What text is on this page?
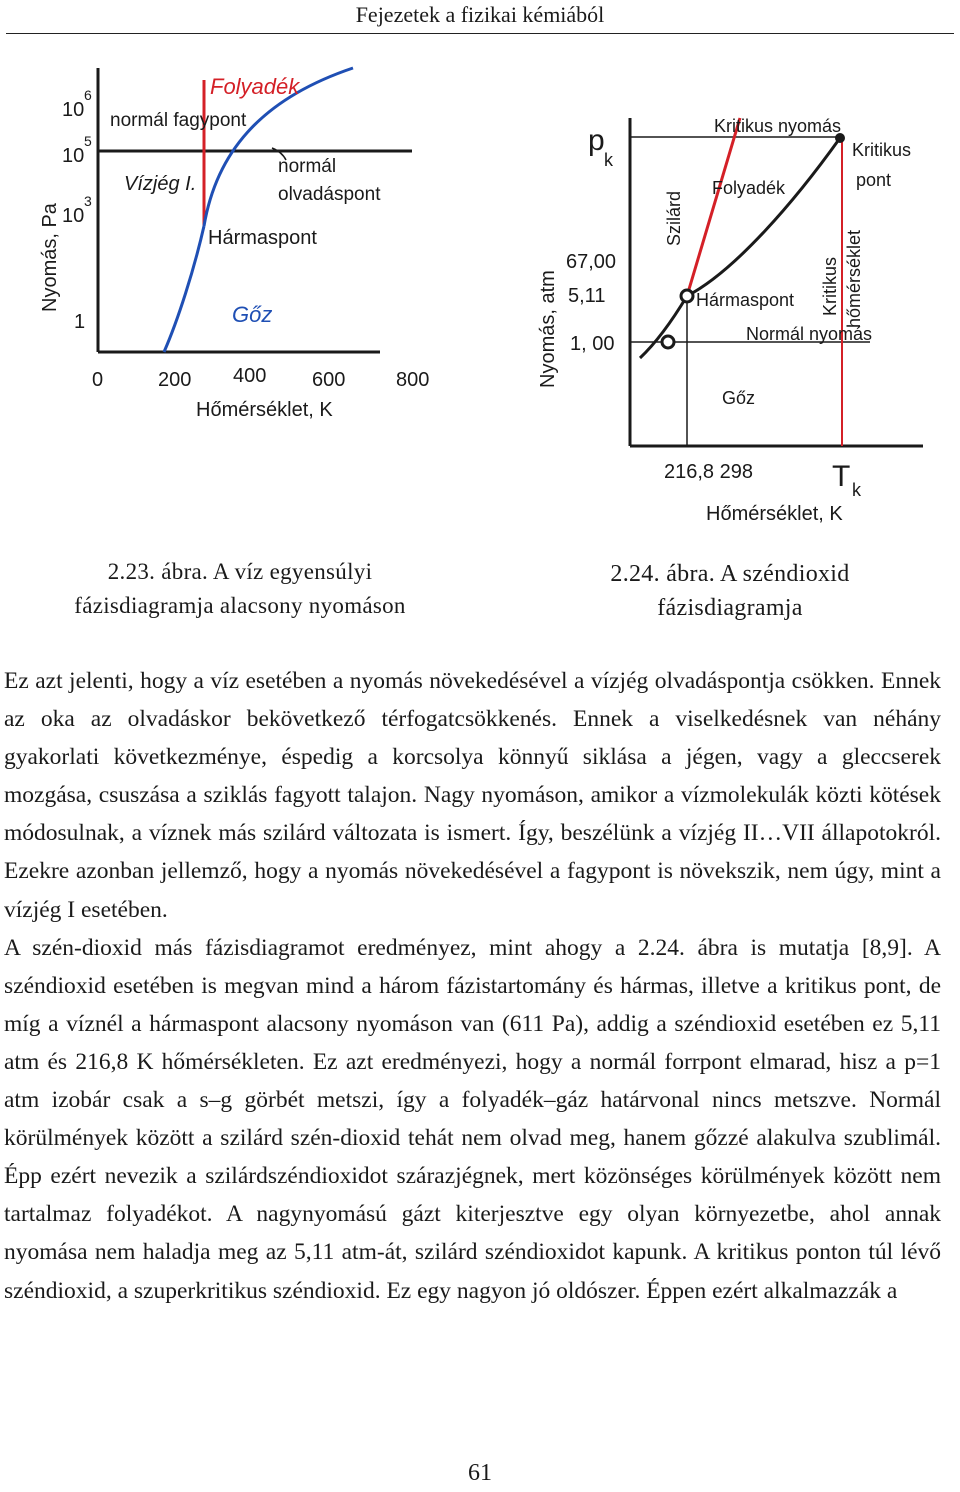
Fejezetek a fizikai kémiából
10
6
10
5
10
3
1
Nyomás, Pa
0	200 400 600	800
Hőmérséklet, K
Folyadék
normál fagypont
Vízjég I.
normál
olvadáspont
Hármaspont
Gőz
p
k
67,00
5,11
1, 00
Nyomás, atm
216,8 298	T k
Hőmérséklet, K
Kritikus nyomás
Kritikus
pont
Szilárd
Folyadék
Kritikus hőmérséklet
Hármaspont
Normál nyomás
Gőz
2.23. ábra. A víz egyensúlyi
fázisdiagramja alacsony nyomáson
2.24. ábra. A széndioxid
fázisdiagramja

Ez azt jelenti, hogy a víz esetében a nyomás növekedésével a vízjég olvadáspontja csökken. Ennek az oka az olvadáskor bekövetkező térfogatcsökkenés. Ennek a viselkedésnek van néhány gyakorlati következménye, éspedig a korcsolya könnyű siklása a jégen, vagy a gleccserek mozgása, csuszása a sziklás fagyott talajon. Nagy nyomáson, amikor a vízmolekulák közti kötések módosulnak, a víznek más szilárd változata is ismert. Így, beszélünk a vízjég II…VII állapotokról. Ezekre azonban jellemző, hogy a nyomás növekedésével a fagypont is növekszik, nem úgy, mint a vízjég I esetében.

A szén-dioxid más fázisdiagramot eredményez, mint ahogy a 2.24. ábra is mutatja [8,9]. A széndioxid esetében is megvan mind a három fázistartomány és hármas, illetve a kritikus pont, de míg a víznél a hármaspont alacsony nyomáson van (611 Pa), addig a széndioxid esetében ez 5,11 atm és 216,8 K hőmérsékleten. Ez azt eredményezi, hogy a normál forrpont elmarad, hisz a p=1 atm izobár csak a s–g görbét metszi, így a folyadék–gáz határvonal nincs metszve. Normál körülmények között a szilárd szén-dioxid tehát nem olvad meg, hanem gőzzé alakulva szublimál. Épp ezért nevezik a szilárdszéndioxidot szárazjégnek, mert közönséges körülmények között nem tartalmaz folyadékot. A nagynyomású gázt kiterjesztve egy olyan környezetbe, ahol annak nyomása nem haladja meg az 5,11 atm-át, szilárd széndioxidot kapunk. A kritikus ponton túl lévő széndioxid, a szuperkritikus széndioxid. Ez egy nagyon jó oldószer. Éppen ezért alkalmazzák a

61
